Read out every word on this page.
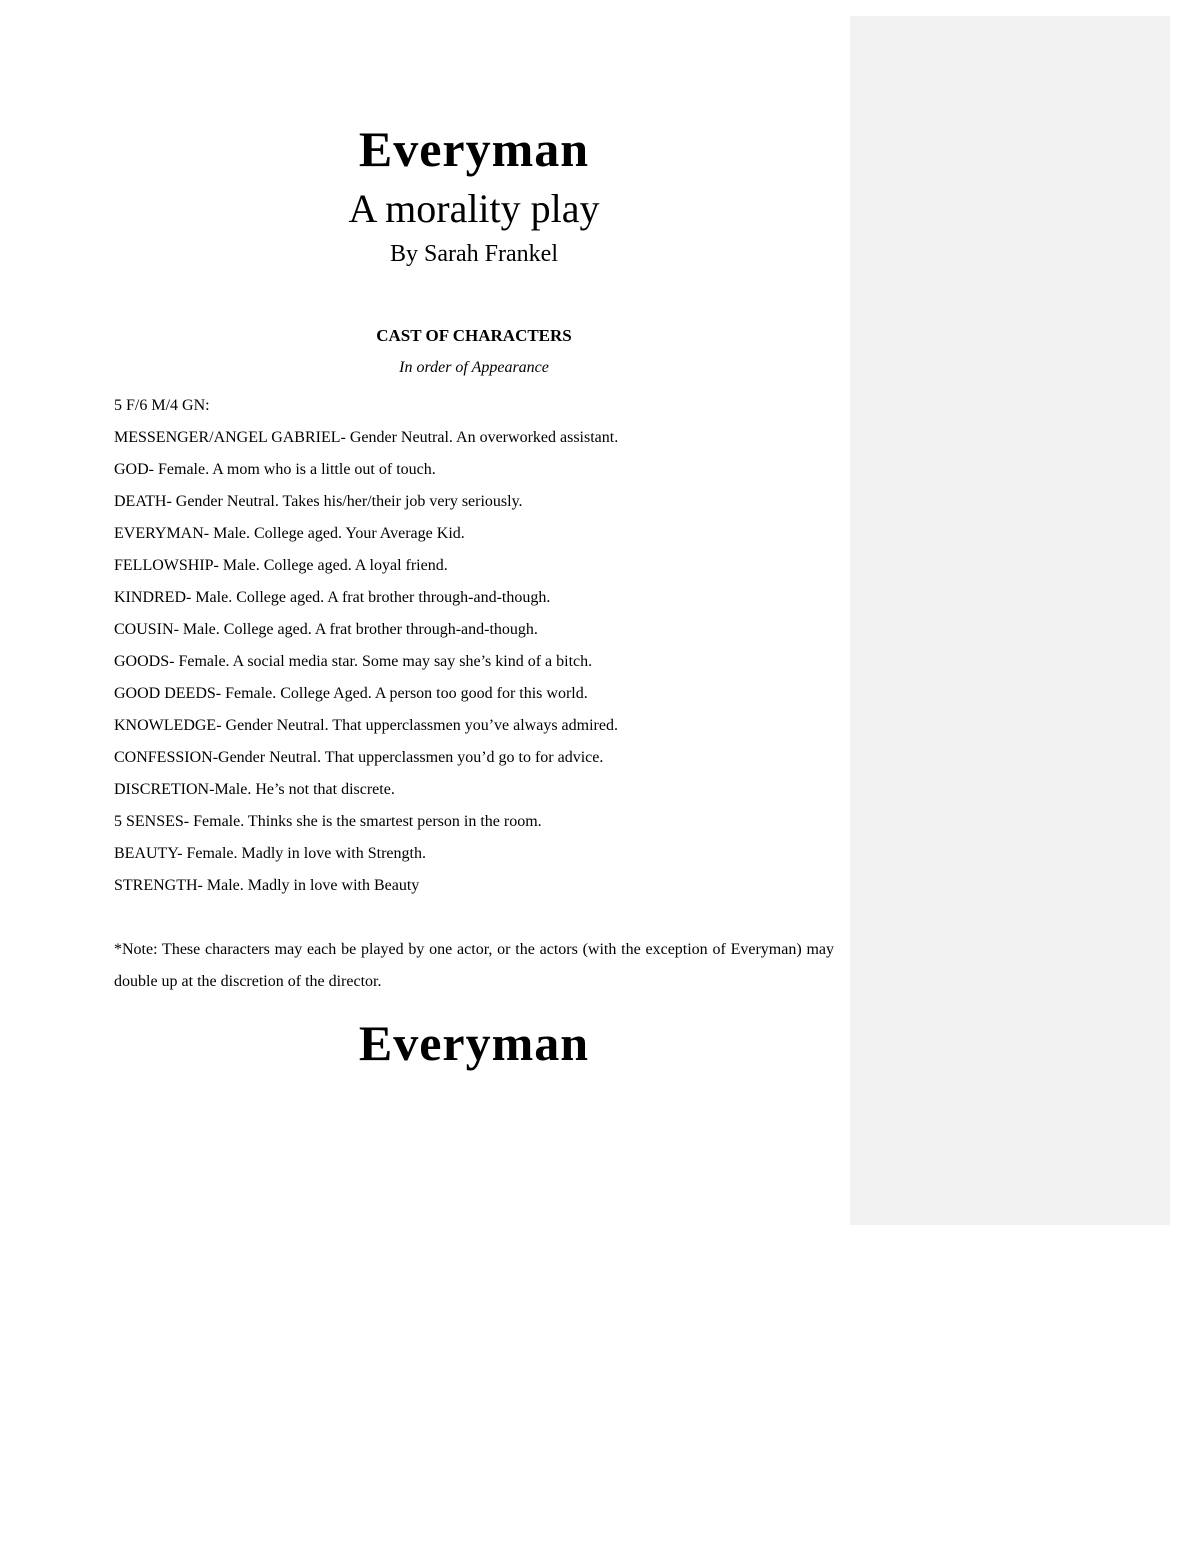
Everyman

A morality play

By Sarah Frankel

CAST OF CHARACTERS

In order of Appearance

5 F/6 M/4 GN:

MESSENGER/ANGEL GABRIEL- Gender Neutral. An overworked assistant.
GOD- Female. A mom who is a little out of touch.
DEATH- Gender Neutral. Takes his/her/their job very seriously.
EVERYMAN- Male. College aged. Your Average Kid.
FELLOWSHIP- Male. College aged. A loyal friend.
KINDRED- Male. College aged. A frat brother through-and-though.
COUSIN- Male. College aged. A frat brother through-and-though.
GOODS- Female. A social media star. Some may say she’s kind of a bitch.
GOOD DEEDS- Female. College Aged. A person too good for this world.
KNOWLEDGE- Gender Neutral. That upperclassmen you’ve always admired.
CONFESSION-Gender Neutral. That upperclassmen you’d go to for advice.
DISCRETION-Male. He’s not that discrete.
5 SENSES- Female. Thinks she is the smartest person in the room.
BEAUTY- Female. Madly in love with Strength.
STRENGTH- Male. Madly in love with Beauty

*Note: These characters may each be played by one actor, or the actors (with the exception of Everyman) may double up at the discretion of the director.

Everyman
